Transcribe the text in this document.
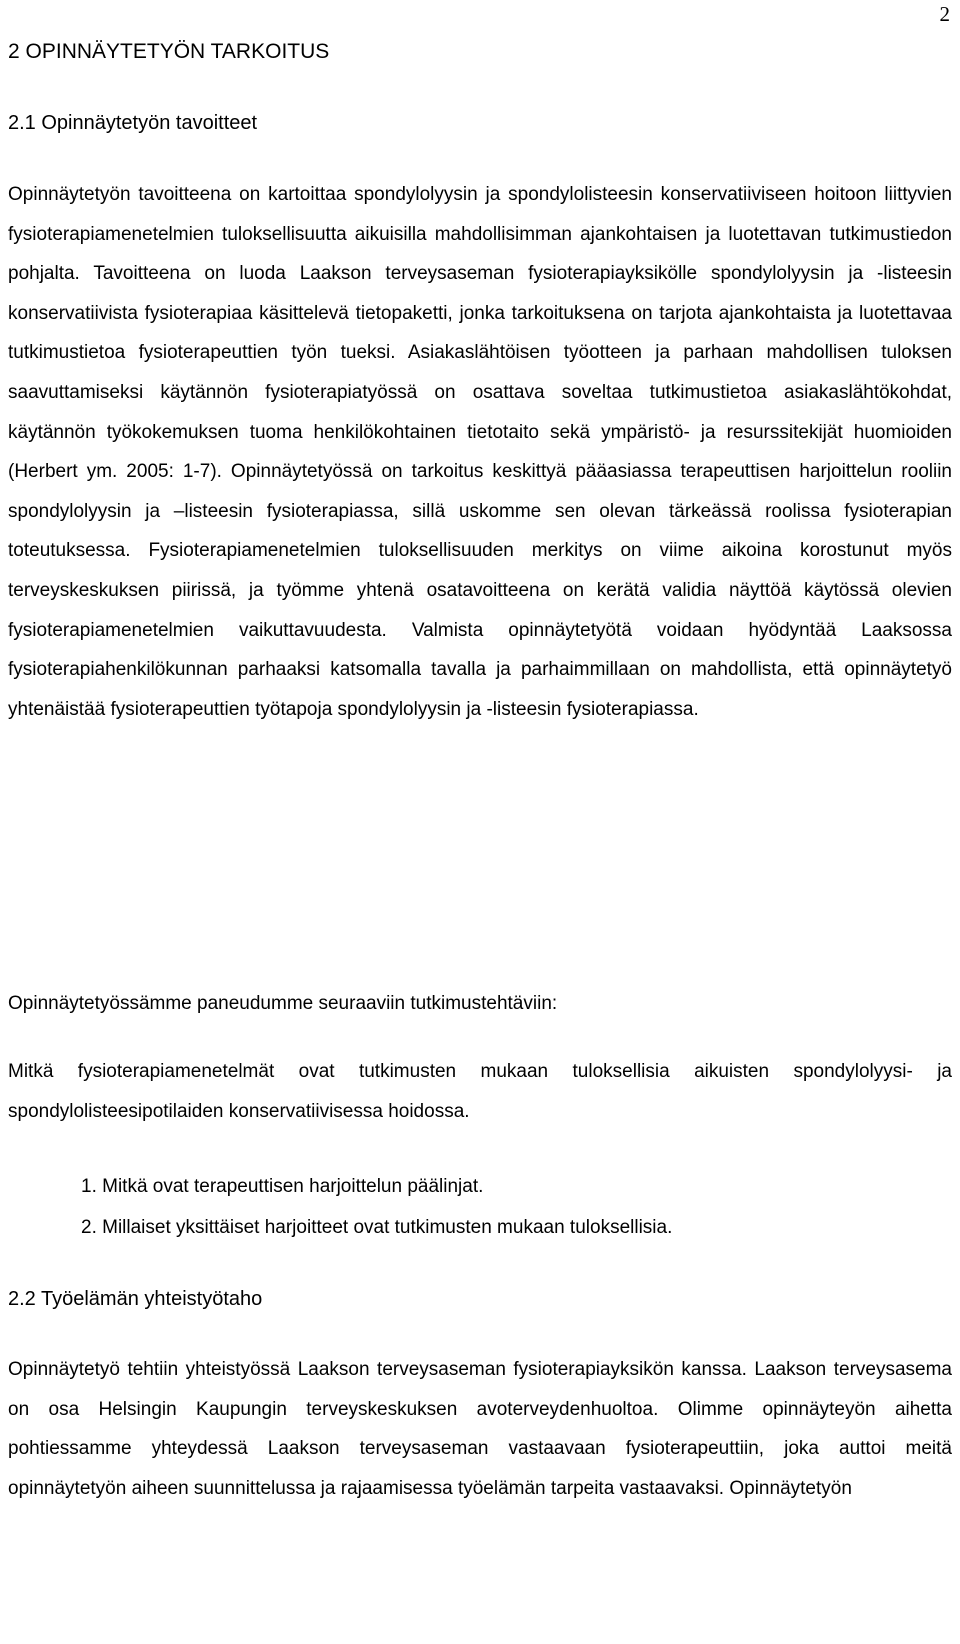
2
2 OPINNÄYTETYÖN TARKOITUS
2.1 Opinnäytetyön tavoitteet

Opinnäytetyön tavoitteena on kartoittaa spondylolyysin ja spondylolisteesin konservatiiviseen hoitoon liittyvien fysioterapiamenetelmien tuloksellisuutta aikuisilla mahdollisimman ajankohtaisen ja luotettavan tutkimustiedon pohjalta. Tavoitteena on luoda Laakson terveysaseman fysioterapiayksikölle spondylolyysin ja -listeesin konservatiivista fysioterapiaa käsittelevä tietopaketti, jonka tarkoituksena on tarjota ajankohtaista ja luotettavaa tutkimustietoa fysioterapeuttien työn tueksi. Asiakaslähtöisen työotteen ja parhaan mahdollisen tuloksen saavuttamiseksi käytännön fysioterapiatyössä on osattava soveltaa tutkimustietoa asiakaslähtökohdat, käytännön työkokemuksen tuoma henkilökohtainen tietotaito sekä ympäristö- ja resurssitekijät huomioiden (Herbert ym. 2005: 1-7). Opinnäytetyössä on tarkoitus keskittyä pääasiassa terapeuttisen harjoittelun rooliin spondylolyysin ja –listeesin fysioterapiassa, sillä uskomme sen olevan tärkeässä roolissa fysioterapian toteutuksessa. Fysioterapiamenetelmien tuloksellisuuden merkitys on viime aikoina korostunut myös terveyskeskuksen piirissä, ja työmme yhtenä osatavoitteena on kerätä validia näyttöä käytössä olevien fysioterapiamenetelmien vaikuttavuudesta. Valmista opinnäytetyötä voidaan hyödyntää Laaksossa fysioterapiahenkilökunnan parhaaksi katsomalla tavalla ja parhaimmillaan on mahdollista, että opinnäytetyö yhtenäistää fysioterapeuttien työtapoja spondylolyysin ja -listeesin fysioterapiassa.

Opinnäytetyössämme paneudumme seuraaviin tutkimustehtäviin:

Mitkä fysioterapiamenetelmät ovat tutkimusten mukaan tuloksellisia aikuisten spondylolyysi- ja spondylolisteesipotilaiden konservatiivisessa hoidossa.

1. Mitkä ovat terapeuttisen harjoittelun päälinjat.
2. Millaiset yksittäiset harjoitteet ovat tutkimusten mukaan tuloksellisia.
2.2 Työelämän yhteistyötaho

Opinnäytetyö tehtiin yhteistyössä Laakson terveysaseman fysioterapiayksikön kanssa. Laakson terveysasema on osa Helsingin Kaupungin terveyskeskuksen avoterveydenhuoltoa. Olimme opinnäyteyön aihetta pohtiessamme yhteydessä Laakson terveysaseman vastaavaan fysioterapeuttiin, joka auttoi meitä opinnäytetyön aiheen suunnittelussa ja rajaamisessa työelämän tarpeita vastaavaksi. Opinnäytetyön
